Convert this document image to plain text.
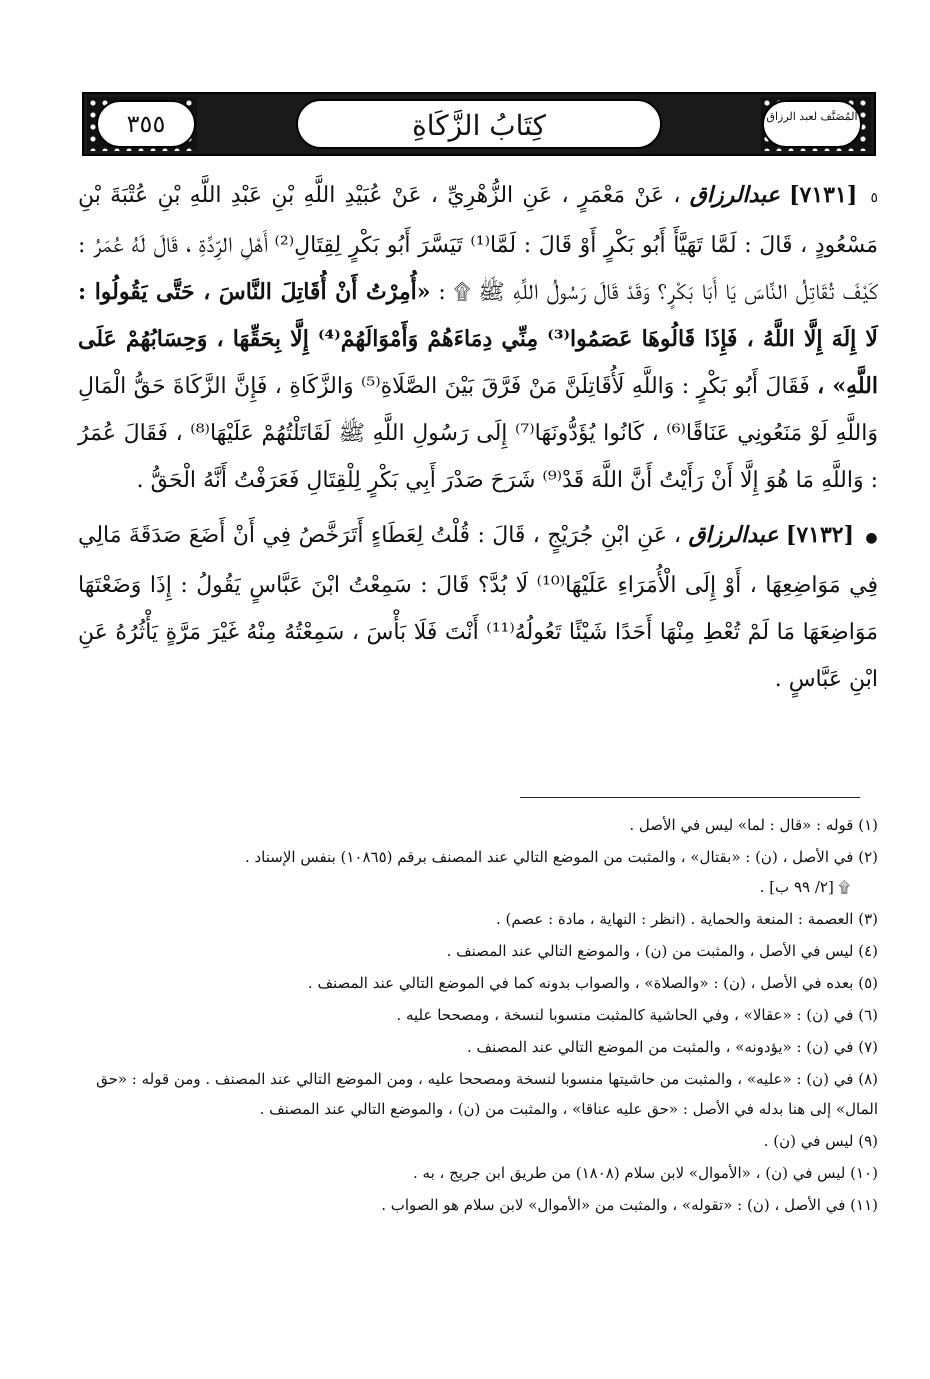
كِتَابُ الزَّكَاةِ
٣٥٥	المُصَنَّف لعبد الرزاق

٥ [٧١٣١] عبدالرزاق ، عَنْ مَعْمَرٍ ، عَنِ الزُّهْرِيِّ ، عَنْ عُبَيْدِ اللَّهِ بْنِ عَبْدِ اللَّهِ بْنِ عُتْبَةَ بْنِ مَسْعُودٍ ، قَالَ : لَمَّا تَهَيَّأَ أَبُو بَكْرٍ أَوْ قَالَ : لَمَّا⁽¹⁾ تَيَسَّرَ أَبُو بَكْرٍ لِقِتَالِ⁽²⁾ أَهْلِ الرِّدَّةِ ، قَالَ لَهُ عُمَرُ : كَيْفَ تُقَاتِلُ النَّاسَ يَا أَبَا بَكْرٍ؟ وَقَدْ قَالَ رَسُولُ اللَّهِ ﷺ ۩ : «أُمِرْتُ أَنْ أُقَاتِلَ النَّاسَ ، حَتَّى يَقُولُوا : لَا إِلَهَ إِلَّا اللَّهُ ، فَإِذَا قَالُوهَا عَصَمُوا⁽³⁾ مِنِّي دِمَاءَهُمْ وَأَمْوَالَهُمْ⁽⁴⁾ إِلَّا بِحَقِّهَا ، وَحِسَابُهُمْ عَلَى اللَّهِ» ، فَقَالَ أَبُو بَكْرٍ : وَاللَّهِ لَأُقَاتِلَنَّ مَنْ فَرَّقَ بَيْنَ الصَّلَاةِ⁽⁵⁾ وَالزَّكَاةِ ، فَإِنَّ الزَّكَاةَ حَقُّ الْمَالِ وَاللَّهِ لَوْ مَنَعُونِي عَنَاقًا⁽⁶⁾ ، كَانُوا يُؤَدُّونَهَا⁽⁷⁾ إِلَى رَسُولِ اللَّهِ ﷺ لَقَاتَلْتُهُمْ عَلَيْهَا⁽⁸⁾ ، فَقَالَ عُمَرُ : وَاللَّهِ مَا هُوَ إِلَّا أَنْ رَأَيْتُ أَنَّ اللَّهَ قَدْ⁽⁹⁾ شَرَحَ صَدْرَ أَبِي بَكْرٍ لِلْقِتَالِ فَعَرَفْتُ أَنَّهُ الْحَقُّ .

● [٧١٣٢] عبدالرزاق ، عَنِ ابْنِ جُرَيْجٍ ، قَالَ : قُلْتُ لِعَطَاءٍ أَتَرَخَّصُ فِي أَنْ أَضَعَ صَدَقَةَ مَالِي فِي مَوَاضِعِهَا ، أَوْ إِلَى الْأُمَرَاءِ عَلَيْهَا⁽¹⁰⁾ لَا بُدَّ؟ قَالَ : سَمِعْتُ ابْنَ عَبَّاسٍ يَقُولُ : إِذَا وَضَعْتَهَا مَوَاضِعَهَا مَا لَمْ تُعْطِ مِنْهَا أَحَدًا شَيْئًا تَعُولُهُ⁽¹¹⁾ أَنْتَ فَلَا بَأْسَ ، سَمِعْتُهُ مِنْهُ غَيْرَ مَرَّةٍ يَأْثُرُهُ عَنِ ابْنِ عَبَّاسٍ .

(١) قوله : «قال : لما» ليس في الأصل .

(٢) في الأصل ، (ن) : «بقتال» ، والمثبت من الموضع التالي عند المصنف برقم (١٠٨٦٥) بنفس الإسناد .
۩ [٢/ ٩٩ ب] .

(٣) العصمة : المنعة والحماية . (انظر : النهاية ، مادة : عصم) .

(٤) ليس في الأصل ، والمثبت من (ن) ، والموضع التالي عند المصنف .

(٥) بعده في الأصل ، (ن) : «والصلاة» ، والصواب بدونه كما في الموضع التالي عند المصنف .

(٦) في (ن) : «عقالا» ، وفي الحاشية كالمثبت منسوبا لنسخة ، ومصححا عليه .

(٧) في (ن) : «يؤدونه» ، والمثبت من الموضع التالي عند المصنف .

(٨) في (ن) : «عليه» ، والمثبت من حاشيتها منسوبا لنسخة ومصححا عليه ، ومن الموضع التالي عند المصنف . ومن قوله : «حق المال» إلى هنا بدله في الأصل : «حق عليه عناقا» ، والمثبت من (ن) ، والموضع التالي عند المصنف .

(٩) ليس في (ن) .

(١٠) ليس في (ن) ، «الأموال» لابن سلام (١٨٠٨) من طريق ابن جريج ، به .

(١١) في الأصل ، (ن) : «تقوله» ، والمثبت من «الأموال» لابن سلام هو الصواب .
